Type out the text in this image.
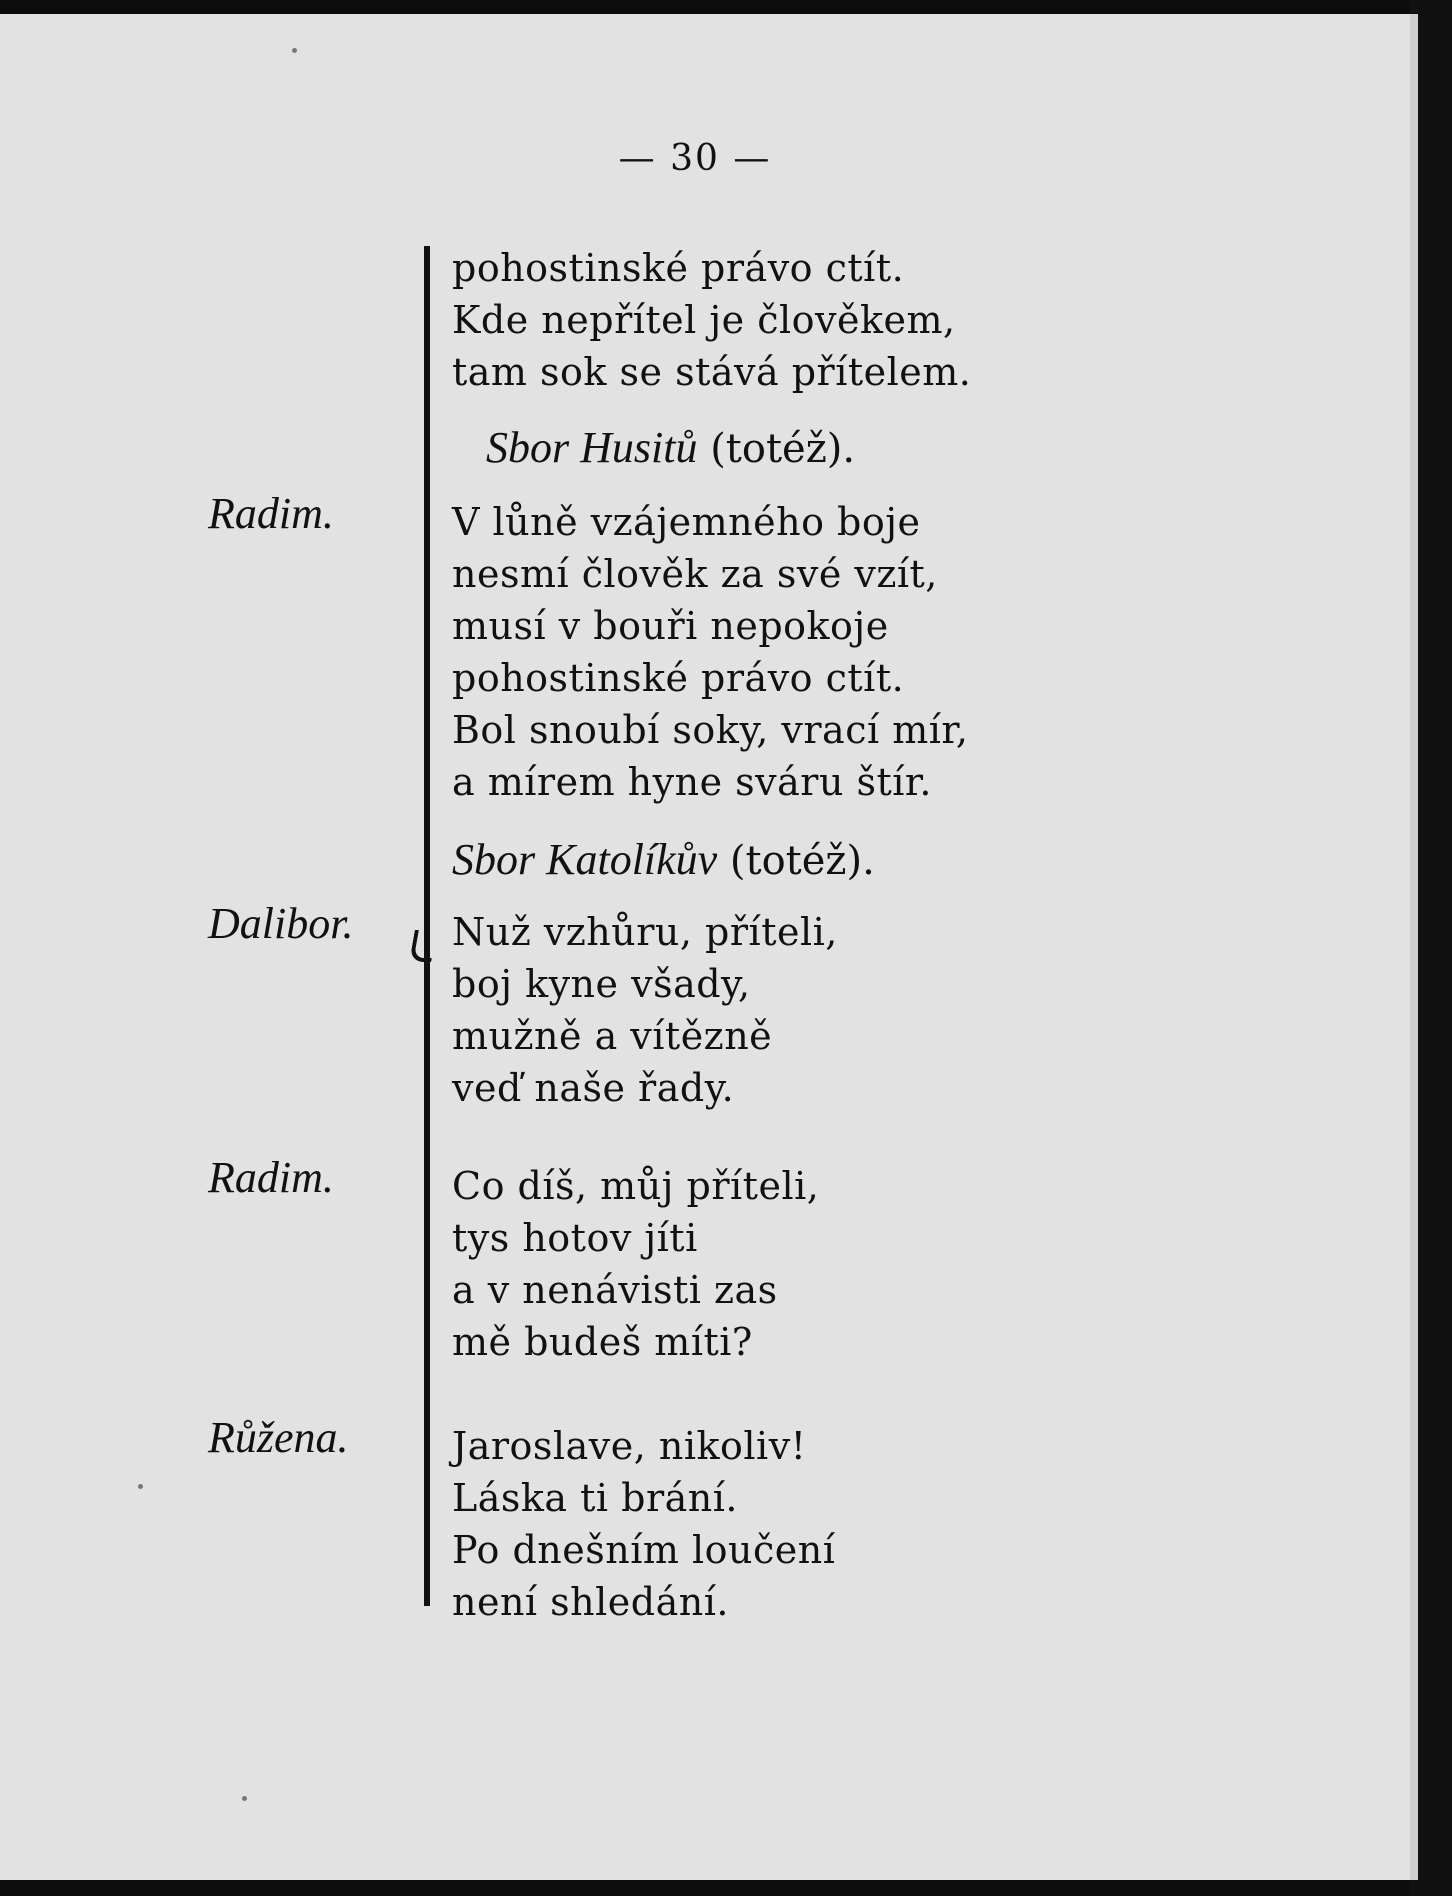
— 30 —
Radim.
Dalibor.
Radim.
Růžena.
pohostinské právo ctít.
Kde nepřítel je člověkem,
tam sok se stává přítelem.
Sbor Husitů (totéž).
V lůně vzájemného boje
nesmí člověk za své vzít,
musí v bouři nepokoje
pohostinské právo ctít.
Bol snoubí soky, vrací mír,
a mírem hyne sváru štír.
Sbor Katolíkův (totéž).
Nuž vzhůru, příteli,
boj kyne všady,
mužně a vítězně
veď naše řady.
Co díš, můj příteli,
tys hotov jíti
a v nenávisti zas
mě budeš míti?
Jaroslave, nikoliv!
Láska ti brání.
Po dnešním loučení
není shledání.
